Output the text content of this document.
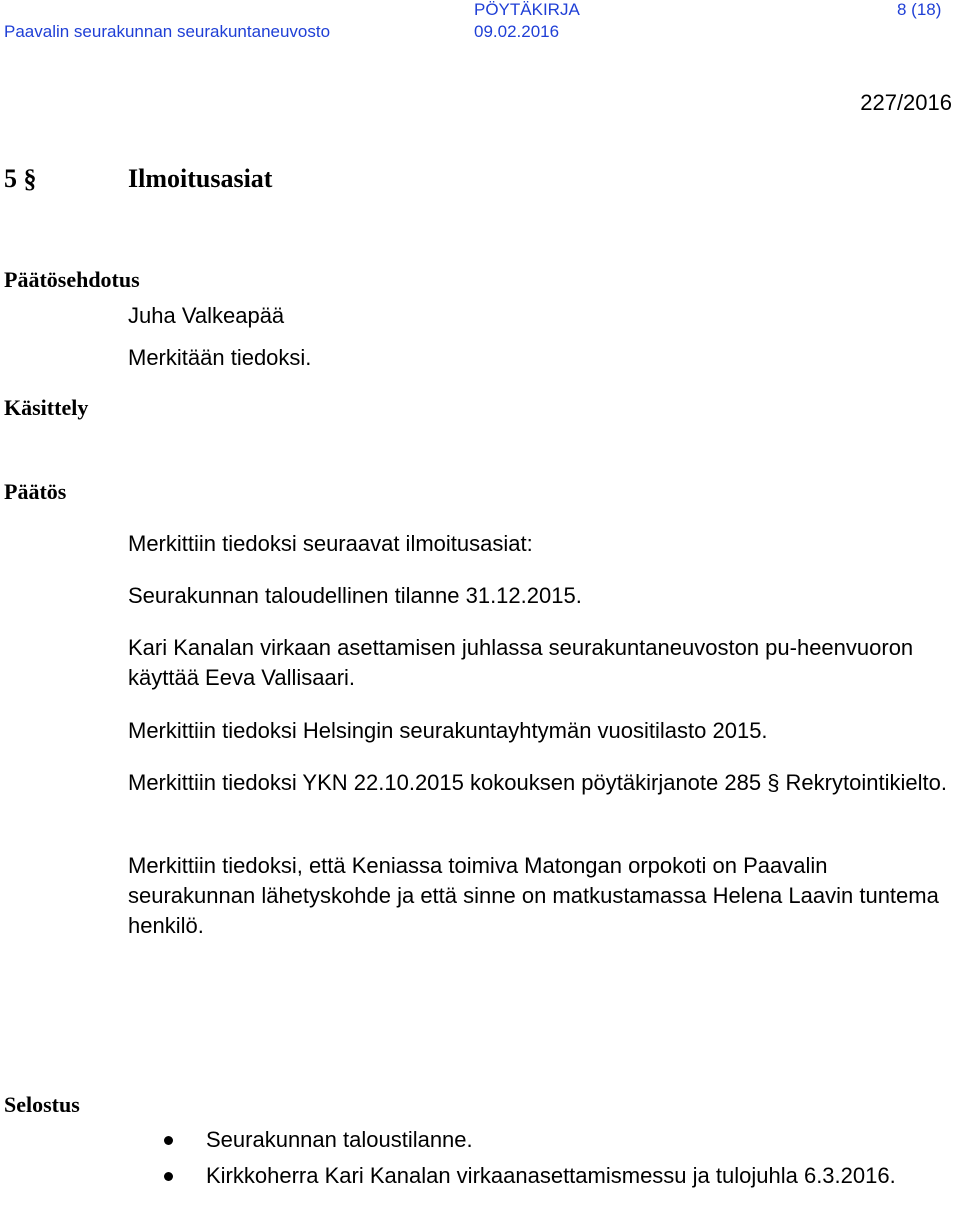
Paavalin seurakunnan seurakuntaneuvosto
PÖYTÄKIRJA
09.02.2016
8 (18)
227/2016
5 §	Ilmoitusasiat
Päätösehdotus

Juha Valkeapää

Merkitään tiedoksi.

Käsittely
Päätös

Merkittiin tiedoksi seuraavat ilmoitusasiat:

Seurakunnan taloudellinen tilanne 31.12.2015.

Kari Kanalan virkaan asettamisen juhlassa seurakuntaneuvoston pu-heenvuoron käyttää Eeva Vallisaari.

Merkittiin tiedoksi Helsingin seurakuntayhtymän vuositilasto 2015.

Merkittiin tiedoksi YKN 22.10.2015 kokouksen pöytäkirjanote 285 § Rekrytointikielto.

Merkittiin tiedoksi, että Keniassa toimiva Matongan orpokoti on Paavalin seurakunnan lähetyskohde ja että sinne on matkustamassa Helena Laavin tuntema henkilö.

Selostus
Seurakunnan taloustilanne.
Kirkkoherra Kari Kanalan virkaanasettamismessu ja tulojuhla 6.3.2016.
